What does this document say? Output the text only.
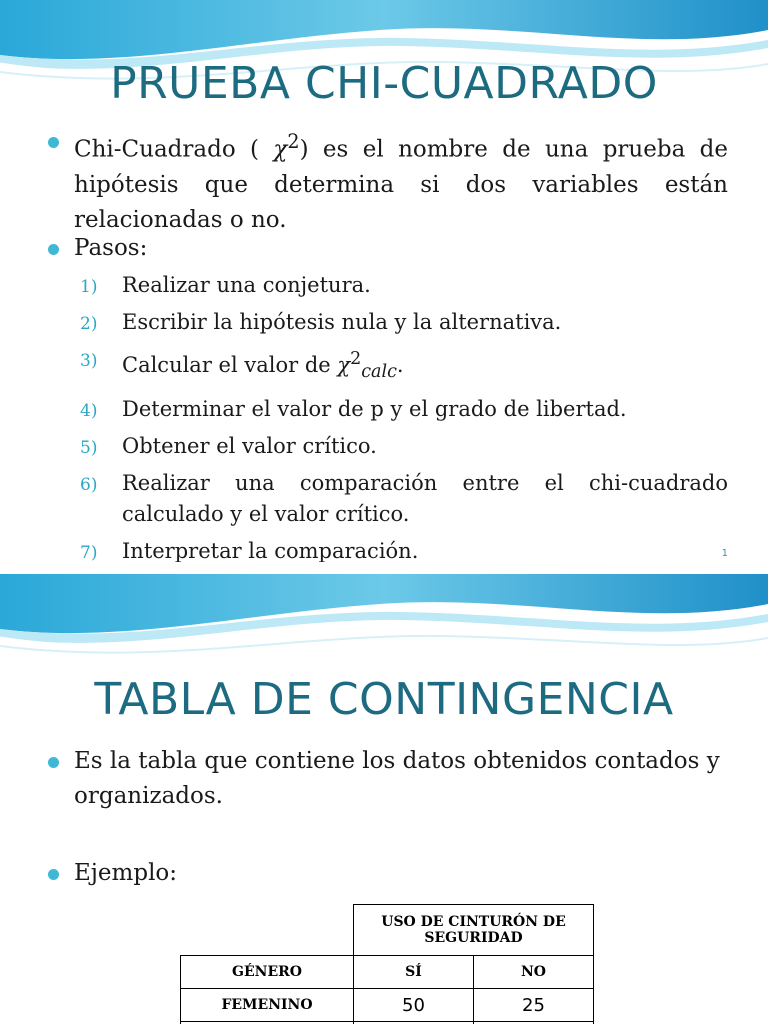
PRUEBA CHI-CUADRADO
Chi-Cuadrado ( $\chi^2$) es el nombre de una prueba de hipótesis que determina si dos variables están relacionadas o no.
Pasos:
1) Realizar una conjetura.
2) Escribir la hipótesis nula y la alternativa.
3) Calcular el valor de $\chi^2_{calc}$.
4) Determinar el valor de p y el grado de libertad.
5) Obtener el valor crítico.
6) Realizar una comparación entre el chi-cuadrado calculado y el valor crítico.
7) Interpretar la comparación.	1
TABLA DE CONTINGENCIA
Es la tabla que contiene los datos obtenidos contados y organizados.
Ejemplo:
	USO DE CINTURÓN DE SEGURIDAD	
GÉNERO	SÍ	NO
FEMENINO	50	25
